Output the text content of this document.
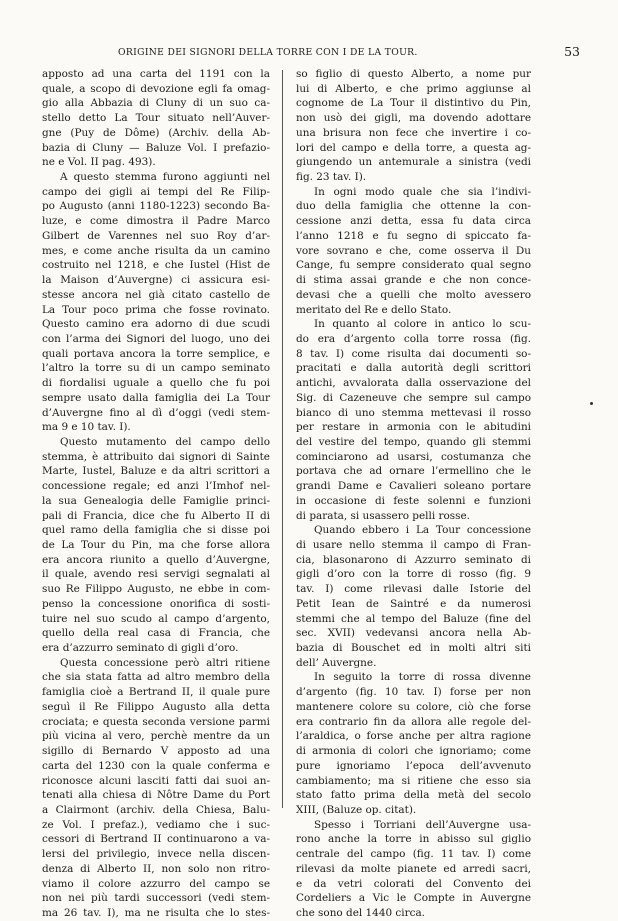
ORIGINE DEI SIGNORI DELLA TORRE CON I DE LA TOUR.	53
apposto ad una carta del 1191 con la
quale, a scopo di devozione egli fa omag-
gio alla Abbazia di Cluny di un suo ca-
stello detto La Tour situato nell’Auver-
gne (Puy de Dôme) (Archiv. della Ab-
bazia di Cluny — Baluze Vol. I prefazio-
ne e Vol. II pag. 493).
A questo stemma furono aggiunti nel
campo dei gigli ai tempi del Re Filip-
po Augusto (anni 1180-1223) secondo Ba-
luze, e come dimostra il Padre Marco
Gilbert de Varennes nel suo Roy d’ar-
mes, e come anche risulta da un camino
costruito nel 1218, e che Iustel (Hist de
la Maison d’Auvergne) ci assicura esi-
stesse ancora nel già citato castello de
La Tour poco prima che fosse rovinato.
Questo camino era adorno di due scudi
con l’arma dei Signori del luogo, uno dei
quali portava ancora la torre semplice, e
l’altro la torre su di un campo seminato
di fiordalisi uguale a quello che fu poi
sempre usato dalla famiglia dei La Tour
d’Auvergne fino al dì d’oggi (vedi stem-
ma 9 e 10 tav. I).
Questo mutamento del campo dello
stemma, è attribuito dai signori di Sainte
Marte, Iustel, Baluze e da altri scrittori a
concessione regale; ed anzi l’Imhof nel-
la sua Genealogia delle Famiglie princi-
pali di Francia, dice che fu Alberto II di
quel ramo della famiglia che si disse poi
de La Tour du Pin, ma che forse allora
era ancora riunito a quello d’Auvergne,
il quale, avendo resi servigi segnalati al
suo Re Filippo Augusto, ne ebbe in com-
penso la concessione onorifica di sosti-
tuire nel suo scudo al campo d’argento,
quello della real casa di Francia, che
era d’azzurro seminato di gigli d’oro.
Questa concessione però altri ritiene
che sia stata fatta ad altro membro della
famiglia cioè a Bertrand II, il quale pure
seguì il Re Filippo Augusto alla detta
crociata; e questa seconda versione parmi
più vicina al vero, perchè mentre da un
sigillo di Bernardo V apposto ad una
carta del 1230 con la quale conferma e
riconosce alcuni lasciti fatti dai suoi an-
tenati alla chiesa di Nôtre Dame du Port
a Clairmont (archiv. della Chiesa, Balu-
ze Vol. I prefaz.), vediamo che i suc-
cessori di Bertrand II continuarono a va-
lersi del privilegio, invece nella discen-
denza di Alberto II, non solo non ritro-
viamo il colore azzurro del campo se
non nei più tardi successori (vedi stem-
ma 26 tav. I), ma ne risulta che lo stes-
so figlio di questo Alberto, a nome pur
lui di Alberto, e che primo aggiunse al
cognome de La Tour il distintivo du Pin,
non usò dei gigli, ma dovendo adottare
una brisura non fece che invertire i co-
lori del campo e della torre, a questa ag-
giungendo un antemurale a sinistra (vedi
fig. 23 tav. I).
In ogni modo quale che sia l’indivi-
duo della famiglia che ottenne la con-
cessione anzi detta, essa fu data circa
l’anno 1218 e fu segno di spiccato fa-
vore sovrano e che, come osserva il Du
Cange, fu sempre considerato qual segno
di stima assai grande e che non conce-
devasi che a quelli che molto avessero
meritato del Re e dello Stato.
In quanto al colore in antico lo scu-
do era d’argento colla torre rossa (fig.
8 tav. I) come risulta dai documenti so-
pracitati e dalla autorità degli scrittori
antichi, avvalorata dalla osservazione del
Sig. di Cazeneuve che sempre sul campo
bianco di uno stemma mettevasi il rosso
per restare in armonia con le abitudini
del vestire del tempo, quando gli stemmi
cominciarono ad usarsi, costumanza che
portava che ad ornare l’ermellino che le
grandi Dame e Cavalieri soleano portare
in occasione di feste solenni e funzioni
di parata, si usassero pelli rosse.
Quando ebbero i La Tour concessione
di usare nello stemma il campo di Fran-
cia, blasonarono di Azzurro seminato di
gigli d’oro con la torre di rosso (fig. 9
tav. I) come rilevasi dalle Istorie del
Petit Iean de Saintré e da numerosi
stemmi che al tempo del Baluze (fine del
sec. XVII) vedevansi ancora nella Ab-
bazia di Bouschet ed in molti altri siti
dell’ Auvergne.
In seguito la torre di rossa divenne
d’argento (fig. 10 tav. I) forse per non
mantenere colore su colore, ciò che forse
era contrario fin da allora alle regole del-
l’araldica, o forse anche per altra ragione
di armonia di colori che ignoriamo; come
pure ignoriamo l’epoca dell’avvenuto
cambiamento; ma si ritiene che esso sia
stato fatto prima della metà del secolo
XIII, (Baluze op. citat).
Spesso i Torriani dell’Auvergne usa-
rono anche la torre in abisso sul giglio
centrale del campo (fig. 11 tav. I) come
rilevasi da molte pianete ed arredi sacri,
e da vetri colorati del Convento dei
Cordeliers a Vic le Compte in Auvergne
che sono del 1440 circa.
